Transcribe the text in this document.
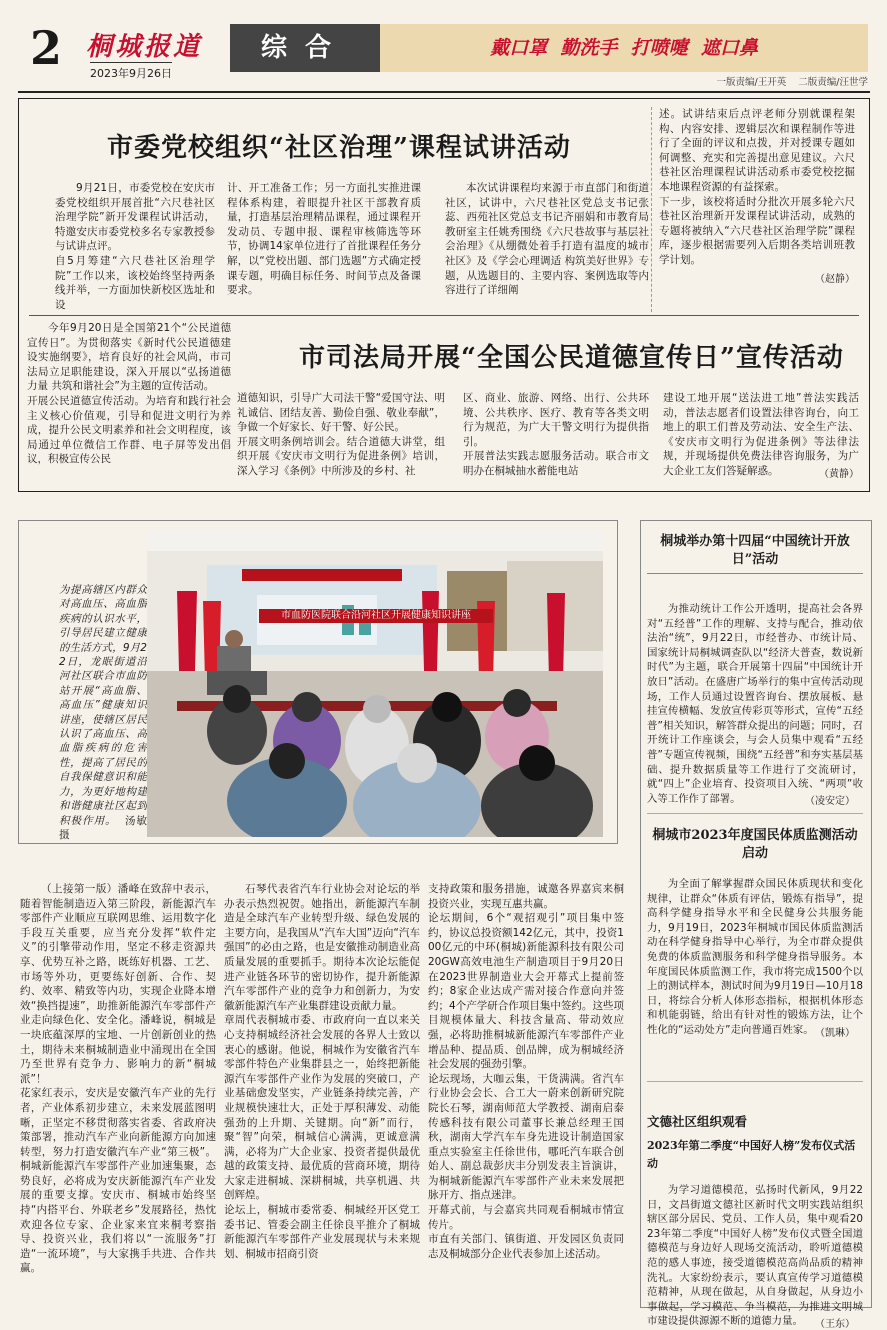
2 桐城报道
2023年9月26日
综合	戴口罩  勤洗手  打喷嚏  遮口鼻
一版责编/王开英    二版责编/汪世学
市委党校组织“社区治理”课程试讲活动
9月21日，市委党校在安庆市委党校组织开展首批“六尺巷社区治理学院”新开发课程试讲活动，特邀安庆市委党校多名专家教授参与试讲点评。
自5月筹建“六尺巷社区治理学院”工作以来，该校始终坚持两条线并举，一方面加快新校区选址和设
计、开工准备工作；另一方面扎实推进课程体系构建，着眼提升社区干部教育质量，打造基层治理精品课程，通过课程开发动员、专题申报、课程审核筛选等环节，协调14家单位进行了首批课程任务分解，以“党校出题、部门选题”方式确定授课专题，明确目标任务、时间节点及备课要求。
本次试讲课程均来源于市直部门和街道社区，试讲中，六尺巷社区党总支书记张蕊、西苑社区党总支书记齐丽娟和市教育局教研室主任姚秀围绕《六尺巷故事与基层社会治理》《从绷微处着手打造有温度的城市社区》及《学会心理调适 构筑美好世界》专题，从选题目的、主要内容、案例选取等内容进行了详细阐
述。试讲结束后点评老师分别就课程架构、内容安排、逻辑层次和课程制作等进行了全面的评议和点拨，并对授课专题如何调整、充实和完善提出意见建议。六尺巷社区治理课程试讲活动系市委党校挖掘本地课程资源的有益探索。
下一步，该校将适时分批次开展多轮六尺巷社区治理新开发课程试讲活动，成熟的专题将被纳入“六尺巷社区治理学院”课程库，逐步根据需要列入后期各类培训班教学计划。
（赵静）
今年9月20日是全国第21个“公民道德宣传日”。为贯彻落实《新时代公民道德建设实施纲要》，培育良好的社会风尚，市司法局立足职能建设，深入开展以“弘扬道德力量 共筑和谐社会”为主题的宣传活动。
开展公民道德宣传活动。为培育和践行社会主义核心价值观，引导和促进文明行为养成，提升公民文明素养和社会文明程度，该局通过单位微信工作群、电子屏等发出倡议，积极宣传公民
市司法局开展“全国公民道德宣传日”宣传活动
道德知识，引导广大司法干警“爱国守法、明礼诚信、团结友善、勤俭自强、敬业奉献”，争做一个好家长、好干警、好公民。
开展文明条例培训会。结合道德大讲堂，组织开展《安庆市文明行为促进条例》培训，深入学习《条例》中所涉及的乡村、社
区、商业、旅游、网络、出行、公共环境、公共秩序、医疗、教育等各类文明行为规范，为广大干警文明行为提供指引。
开展普法实践志愿服务活动。联合市文明办在桐城抽水蓄能电站
建设工地开展“送法进工地”普法实践活动，普法志愿者们设置法律咨询台，向工地上的职工们普及劳动法、安全生产法、《安庆市文明行为促进条例》等法律法规，并现场提供免费法律咨询服务，为广大企业工友们答疑解惑。	（黄静）
为提高辖区内群众对高血压、高血脂疾病的认识水平，引导居民建立健康的生活方式，9月22日，龙眠街道沿河社区联合市血防站开展“高血脂、高血压”健康知识讲座，使辖区居民认识了高血压、高血脂疾病的危害性，提高了居民的自我保健意识和能力，为更好地构建和谐健康社区起到积极作用。 汤敏 摄
市血防医院联合沿河社区开展健康知识讲座
（上接第一版）潘峰在致辞中表示，随着智能制造迈入第三阶段，新能源汽车零部件产业顺应互联网思维、运用数字化手段互关重要，应当充分发挥“软件定义”的引擎带动作用，坚定不移走资源共享、优势互补之路，既练好机器、工艺、市场等外功，更要练好创新、合作、契约、效率、精致等内功，实现企业降本增效“换挡提速”，助推新能源汽车零部件产业走向绿色化、安全化。潘峰说，桐城是一块底蕴深厚的宝地、一片创新创业的热土，期待未来桐城制造业中涌现出在全国乃至世界有竞争力、影响力的新“桐城派”！
花家红表示，安庆是安徽汽车产业的先行者，产业体系初步建立，未来发展蓝图明晰，正坚定不移贯彻落实省委、省政府决策部署，推动汽车产业向新能源方向加速转型，努力打造安徽汽车产业“第三极”。桐城新能源汽车零部件产业加速集聚，态势良好，必将成为安庆新能源汽车产业发展的重要支撑。安庆市、桐城市始终坚持“内搭平台、外联老乡”发展路径，热忱欢迎各位专家、企业家来宜来桐考察指导、投资兴业，我们将以“一流服务”打造“一流环境”，与大家携手共进、合作共赢。
石琴代表省汽车行业协会对论坛的举办表示热烈祝贺。她指出，新能源汽车制造是全球汽车产业转型升级、绿色发展的主要方向，是我国从“汽车大国”迈向“汽车强国”的必由之路，也是安徽推动制造业高质量发展的重要抓手。期待本次论坛能促进产业链各环节的密切协作，提升新能源汽车零部件产业的竞争力和创新力，为安徽新能源汽车产业集群建设贡献力量。
章周代表桐城市委、市政府向一直以来关心支持桐城经济社会发展的各界人士致以衷心的感谢。他说，桐城作为安徽省汽车零部件特色产业集群县之一，始终把新能源汽车零部件产业作为发展的突破口，产业基础愈发坚实，产业链条持续完善，产业规模快速壮大，正处于厚积薄发、动能强劲的上升期、关键期。向“新”而行，聚“智”向荣，桐城信心满满，更诚意满满，必将为广大企业家、投资者提供最优越的政策支持、最优质的营商环境，期待大家走进桐城、深耕桐城，共享机遇、共创辉煌。
论坛上，桐城市委常委、桐城经开区党工委书记、管委会副主任徐良平推介了桐城新能源汽车零部件产业发展现状与未来规划、桐城市招商引资
支持政策和服务措施，诚邀各界嘉宾来桐投资兴业，实现互惠共赢。
论坛期间，6个“观招观引”项目集中签约，协议总投资额142亿元，其中，投资100亿元的中环(桐城)新能源科技有限公司20GW高效电池生产制造项目于9月20日在2023世界制造业大会开幕式上提前签约；8家企业达成产需对接合作意向并签约；4个产学研合作项目集中签约。这些项目规模体量大、科技含量高、带动效应强，必将助推桐城新能源汽车零部件产业增品种、提品质、创品牌，成为桐城经济社会发展的强劲引擎。
论坛现场，大咖云集，干货满满。省汽车行业协会会长、合工大一蔚来创新研究院院长石琴，湖南师范大学教授、湖南启泰传感科技有限公司董事长兼总经理王国秋，湖南大学汽车车身先进设计制造国家重点实验室主任徐世伟，哪吒汽车联合创始人、副总裁彭庆丰分别发表主旨演讲，为桐城新能源汽车零部件产业未来发展把脉开方、指点迷津。
开幕式前，与会嘉宾共同观看桐城市情宣传片。
市直有关部门、镇街道、开发园区负责同志及桐城部分企业代表参加上述活动。
桐城举办第十四届“中国统计开放日”活动
为推动统计工作公开透明，提高社会各界对“五经普”工作的理解、支持与配合，推动依法治“统”，9月22日，市经普办、市统计局、国家统计局桐城调查队以“经济大普查，数说新时代”为主题，联合开展第十四届“中国统计开放日”活动。在盛唐广场举行的集中宣传活动现场，工作人员通过设置咨询台、摆放展板、悬挂宣传横幅、发放宣传彩页等形式，宣传“五经普”相关知识，解答群众提出的问题；同时，召开统计工作座谈会，与会人员集中观看“五经普”专题宣传视频，围绕“五经普”和夯实基层基础、提升数据质量等工作进行了交流研讨，就“四上”企业培育、投资项目入统、“两项”收入等工作作了部署。	（凌安定）
桐城市2023年度国民体质监测活动启动
为全面了解掌握群众国民体质现状和变化规律，让群众“体质有评估，锻炼有指导”，提高科学健身指导水平和全民健身公共服务能力，9月19日，2023年桐城市国民体质监测活动在科学健身指导中心举行，为全市群众提供免费的体质监测服务和科学健身指导服务。本年度国民体质监测工作，我市将完成1500个以上的测试样本，测试时间为9月19日—10月18日，将综合分析人体形态指标，根据机体形态和机能弱链，给出有针对性的锻炼方法，让个性化的“运动处方”走向普通百姓家。 （凯琳）
文德社区组织观看
2023年第二季度“中国好人榜”发布仪式活动
为学习道德模范，弘扬时代新风，9月22日，文昌街道文德社区新时代文明实践站组织辖区部分居民、党员、工作人员，集中观看2023年第二季度“中国好人榜”发布仪式暨全国道德模范与身边好人现场交流活动，聆听道德模范的感人事迹，接受道德模范高尚品质的精神洗礼。大家纷纷表示，要认真宣传学习道德模范精神，从现在做起，从自身做起，从身边小事做起，学习模范、争当模范，为推进文明城市建设提供源源不断的道德力量。	（王东）
